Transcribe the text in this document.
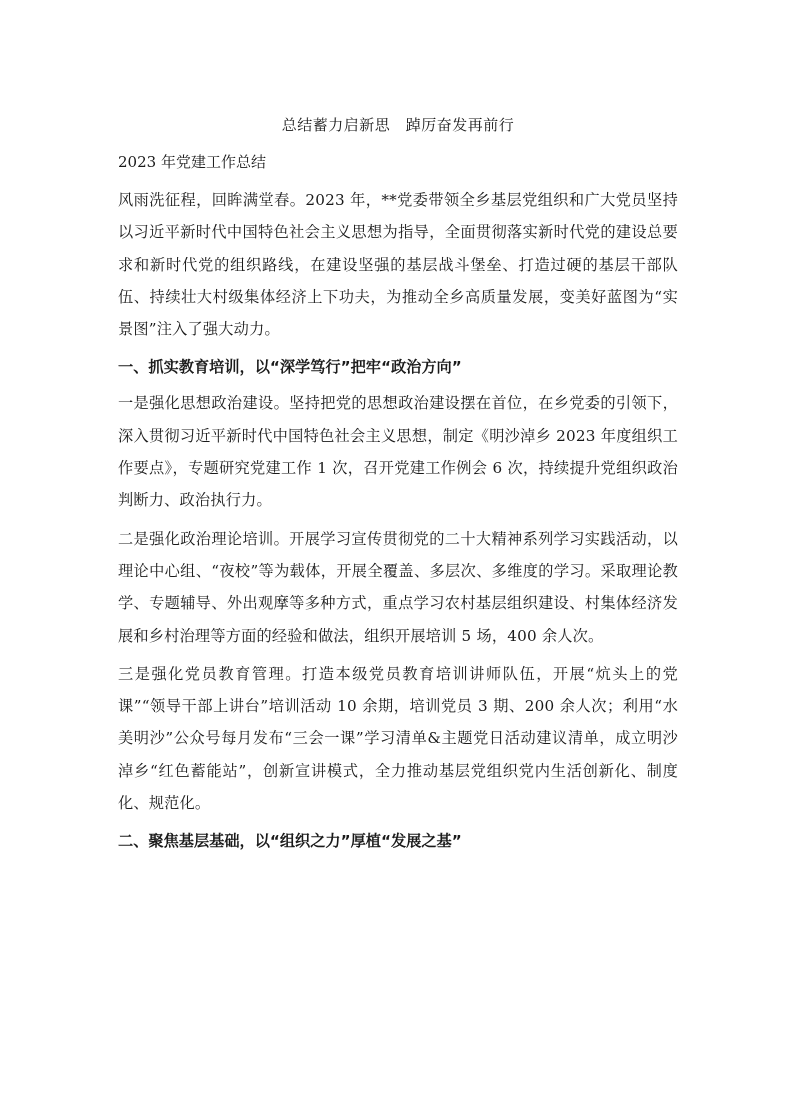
总结蓄力启新思　踔厉奋发再前行
2023 年党建工作总结

风雨洗征程，回眸满堂春。2023 年，**党委带领全乡基层党组织和广大党员坚持以习近平新时代中国特色社会主义思想为指导，全面贯彻落实新时代党的建设总要求和新时代党的组织路线，在建设坚强的基层战斗堡垒、打造过硬的基层干部队伍、持续壮大村级集体经济上下功夫，为推动全乡高质量发展，变美好蓝图为“实景图”注入了强大动力。

一、抓实教育培训，以“深学笃行”把牢“政治方向”

一是强化思想政治建设。坚持把党的思想政治建设摆在首位，在乡党委的引领下，深入贯彻习近平新时代中国特色社会主义思想，制定《明沙淖乡 2023 年度组织工作要点》，专题研究党建工作 1 次，召开党建工作例会 6 次，持续提升党组织政治判断力、政治执行力。

二是强化政治理论培训。开展学习宣传贯彻党的二十大精神系列学习实践活动，以理论中心组、“夜校”等为载体，开展全覆盖、多层次、多维度的学习。采取理论教学、专题辅导、外出观摩等多种方式，重点学习农村基层组织建设、村集体经济发展和乡村治理等方面的经验和做法，组织开展培训 5 场，400 余人次。

三是强化党员教育管理。打造本级党员教育培训讲师队伍，开展“炕头上的党课”“领导干部上讲台”培训活动 10 余期，培训党员 3 期、200 余人次；利用“水美明沙”公众号每月发布“三会一课”学习清单&主题党日活动建议清单，成立明沙淖乡“红色蓄能站”，创新宣讲模式，全力推动基层党组织党内生活创新化、制度化、规范化。

二、聚焦基层基础，以“组织之力”厚植“发展之基”
